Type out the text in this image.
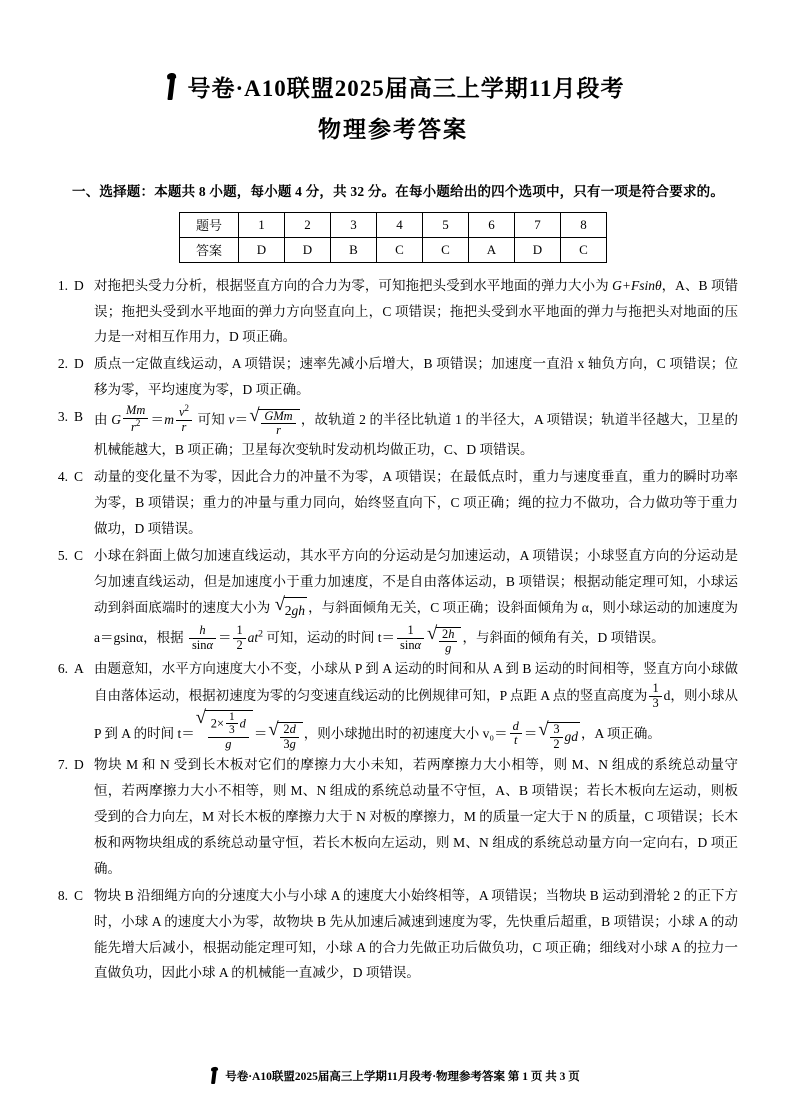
号卷·A10联盟2025届高三上学期11月段考
物理参考答案
一、选择题：本题共 8 小题，每小题 4 分，共 32 分。在每小题给出的四个选项中，只有一项是符合要求的。
题号	1	2	3	4	5	6	7	8
答案	D	D	B	C	C	A	D	C
1. D 对拖把头受力分析，根据竖直方向的合力为零，可知拖把头受到水平地面的弹力大小为 G+Fsinθ，A、B 项错误；拖把头受到水平地面的弹力方向竖直向上，C 项错误；拖把头受到水平地面的弹力与拖把头对地面的压力是一对相互作用力，D 项正确。
2. D 质点一定做直线运动，A 项错误；速率先减小后增大，B 项错误；加速度一直沿 x 轴负方向，C 项错误；位移为零，平均速度为零，D 项正确。
3. B 由 G $\frac{Mm}{r^2} =m \frac{v^2}{r}$ 可知 v＝ √ $\frac{\text{GMm}}{r}$ ，故轨道 2 的半径比轨道 1 的半径大，A 项错误；轨道半径越大，卫星的机械能越大，B 项正确；卫星每次变轨时发动机均做正功，C、D 项错误。
4. C 动量的变化量不为零，因此合力的冲量不为零，A 项错误；在最低点时，重力与速度垂直，重力的瞬时功率为零，B 项错误；重力的冲量与重力同向，始终竖直向下，C 项正确；绳的拉力不做功，合力做功等于重力做功，D 项错误。
5. C 小球在斜面上做匀加速直线运动，其水平方向的分运动是匀加速运动，A 项错误；小球竖直方向的分运动是匀加速直线运动，但是加速度小于重力加速度，不是自由落体运动，B 项错误；根据动能定理可知，小球运动到斜面底端时的速度大小为 √ 2gh ，与斜面倾角无关，C 项正确；设斜面倾角为 α，则小球运动的加速度为 a＝gsinα，根据 $\frac{h}{\sin\alpha} = \frac{1}{2} at^2$ 可知，运动的时间 $t= \frac{1}{\sin\alpha}$ √ $\frac{2h}{g}$ ，与斜面的倾角有关，D 项错误。
6. A 由题意知，水平方向速度大小不变，小球从 P 到 A 运动的时间和从 A 到 B 运动的时间相等，竖直方向小球做自由落体运动，根据初速度为零的匀变速直线运动的比例规律可知，P 点距 A 点的竖直高度为 $\frac{1}{3}$ d，则小球从 P 到 A 的时间 t＝ √ $\frac{2\times \frac{1}{3} d}{g}$ ＝ √ $\frac{2d}{3g}$ ，则小球抛出时的初速度大小 $v_0= \frac{d}{t}$ ＝ √ $\frac{3}{2}$ gd ，A 项正确。
7. D 物块 M 和 N 受到长木板对它们的摩擦力大小未知，若两摩擦力大小相等，则 M、N 组成的系统总动量守恒，若两摩擦力大小不相等，则 M、N 组成的系统总动量不守恒，A、B 项错误；若长木板向左运动，则板受到的合力向左，M 对长木板的摩擦力大于 N 对板的摩擦力，M 的质量一定大于 N 的质量，C 项错误；长木板和两物块组成的系统总动量守恒，若长木板向左运动，则 M、N 组成的系统总动量方向一定向右，D 项正确。
8. C 物块 B 沿细绳方向的分速度大小与小球 A 的速度大小始终相等，A 项错误；当物块 B 运动到滑轮 2 的正下方时，小球 A 的速度大小为零，故物块 B 先从加速后减速到速度为零，先快重后超重，B 项错误；小球 A 的动能先增大后减小，根据动能定理可知，小球 A 的合力先做正功后做负功，C 项正确；细线对小球 A 的拉力一直做负功，因此小球 A 的机械能一直减少，D 项错误。
号卷·A10联盟2025届高三上学期11月段考·物理参考答案 第 1 页 共 3 页
